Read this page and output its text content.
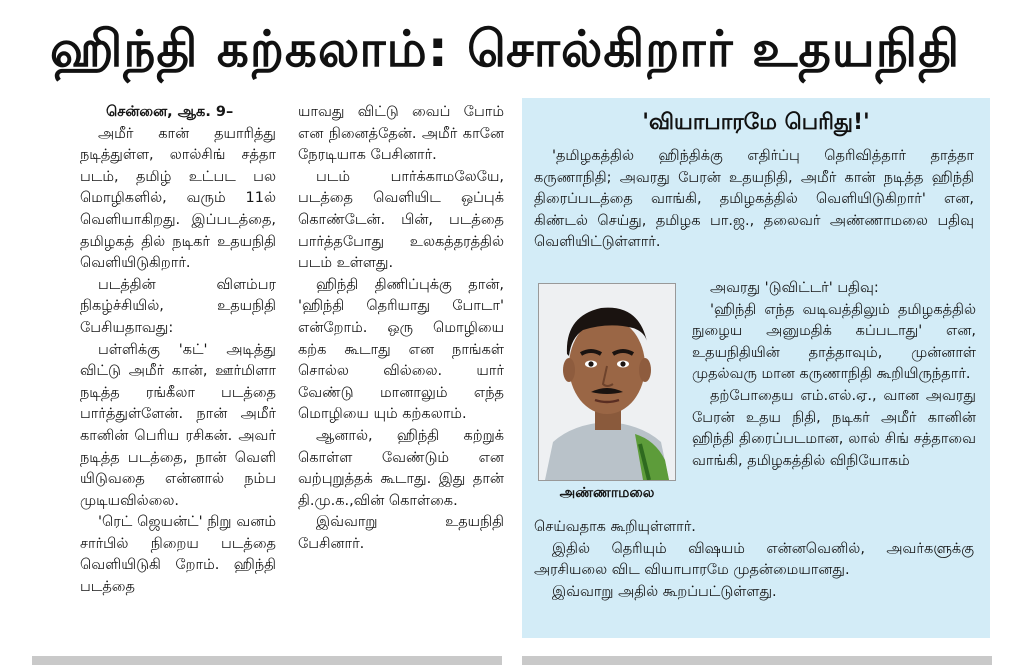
ஹிந்தி கற்கலாம்: சொல்கிறார் உதயநிதி

சென்னை, ஆக. 9–

அமீர் கான் தயாரித்து நடித்துள்ள, லால்சிங் சத்தா படம், தமிழ் உட்பட பல மொழிகளில், வரும் 11ல் வெளியாகிறது. இப்படத்தை, தமிழகத் தில் நடிகர் உதயநிதி வெளியிடுகிறார்.

படத்தின் விளம்பர நிகழ்ச்சியில், உதயநிதி பேசியதாவது:

பள்ளிக்கு 'கட்' அடித்து விட்டு அமீர் கான், ஊர்மிளா நடித்த ரங்கீலா படத்தை பார்த்துள்ளேன். நான் அமீர் கானின் பெரிய ரசிகன். அவர் நடித்த படத்தை, நான் வெளி யிடுவதை என்னால் நம்ப முடியவில்லை.

'ரெட் ஜெயன்ட்' நிறு வனம் சார்பில் நிறைய படத்தை வெளியிடுகி றோம். ஹிந்தி படத்தை

யாவது விட்டு வைப் போம் என நினைத்தேன். அமீர் கானே நேரடியாக பேசினார்.

படம் பார்க்காமலேயே, படத்தை வெளியிட ஒப்புக் கொண்டேன். பின், படத்தை பார்த்தபோது உலகத்தரத்தில் படம் உள்ளது.

ஹிந்தி திணிப்புக்கு தான், 'ஹிந்தி தெரியாது போடா' என்றோம். ஒரு மொழியை கற்க கூடாது என நாங்கள் சொல்ல வில்லை. யார் வேண்டு மானாலும் எந்த மொழியை யும் கற்கலாம்.

ஆனால், ஹிந்தி கற்றுக் கொள்ள வேண்டும் என வற்புறுத்தக் கூடாது. இது தான் தி.மு.க.,வின் கொள்கை.

இவ்வாறு உதயநிதி பேசினார்.

'வியாபாரமே பெரிது!'

'தமிழகத்தில் ஹிந்திக்கு எதிர்ப்பு தெரிவித்தார் தாத்தா கருணாநிதி; அவரது பேரன் உதயநிதி, அமீர் கான் நடித்த ஹிந்தி திரைப்படத்தை வாங்கி, தமிழகத்தில் வெளியிடுகிறார்' என, கிண்டல் செய்து, தமிழக பா.ஜ., தலைவர் அண்ணாமலை பதிவு வெளியிட்டுள்ளார்.

அண்ணாமலை

அவரது 'டுவிட்டர்' பதிவு:

'ஹிந்தி எந்த வடிவத்திலும் தமிழகத்தில் நுழைய அனுமதிக் கப்படாது' என, உதயநிதியின் தாத்தாவும், முன்னாள் முதல்வரு மான கருணாநிதி கூறியிருந்தார்.

தற்போதைய எம்.எல்.ஏ., வான அவரது பேரன் உதய நிதி, நடிகர் அமீர் கானின் ஹிந்தி திரைப்படமான, லால் சிங் சத்தாவை வாங்கி, தமிழகத்தில் விநியோகம்

செய்வதாக கூறியுள்ளார்.

இதில் தெரியும் விஷயம் என்னவெனில், அவர்களுக்கு அரசியலை விட வியாபாரமே முதன்மையானது.

இவ்வாறு அதில் கூறப்பட்டுள்ளது.
